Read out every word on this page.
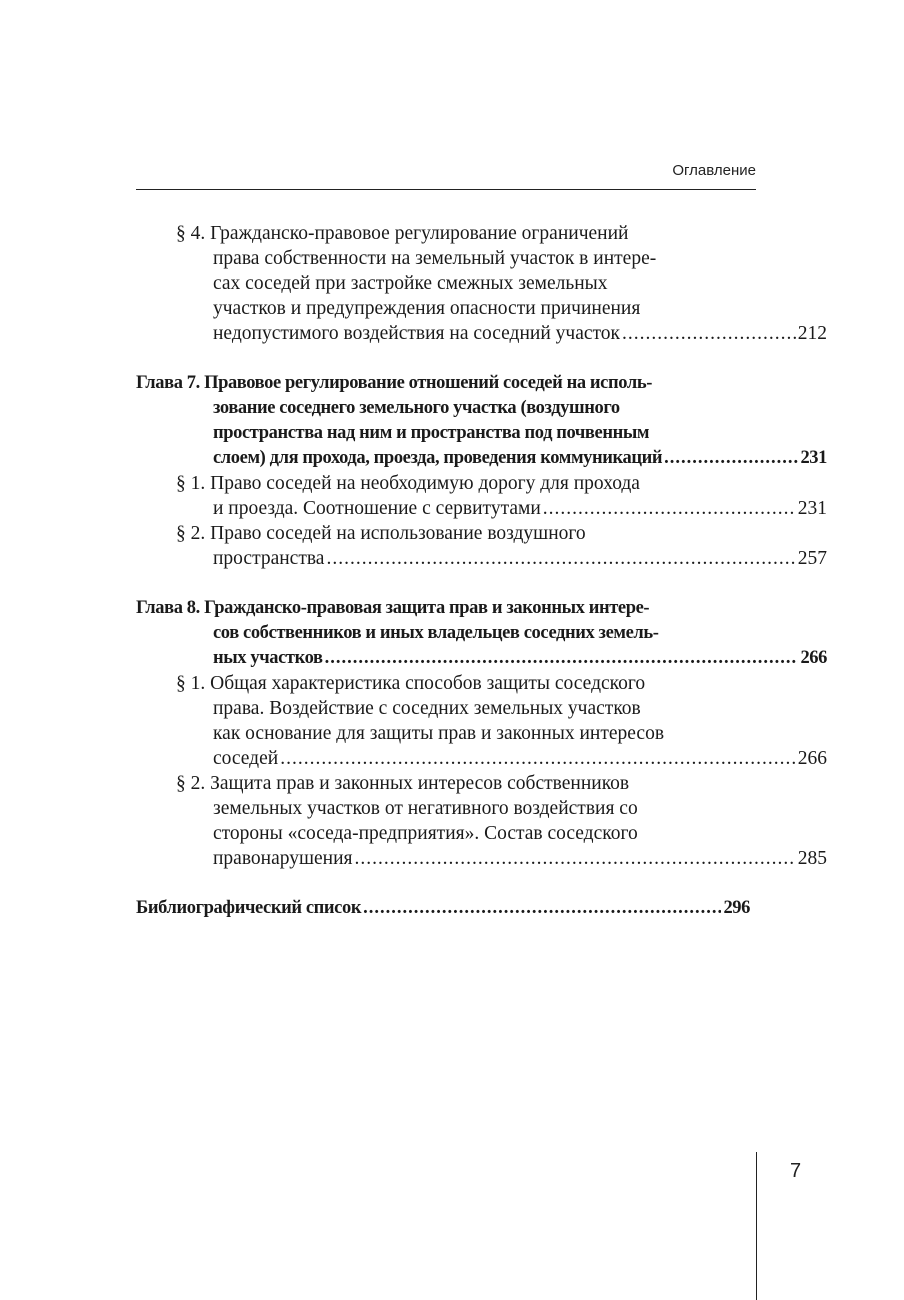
Оглавление
§ 4. Гражданско-правовое регулирование ограничений
права собственности на земельный участок в интере-
сах соседей при застройке смежных земельных
участков и предупреждения опасности причинения
недопустимого воздействия на соседний участок .....	212
Глава 7. Правовое регулирование отношений соседей на исполь-
зование соседнего земельного участка (воздушного
пространства над ним и пространства под почвенным
слоем) для прохода, проезда, проведения коммуникаций .....	231
§ 1. Право соседей на необходимую дорогу для прохода
и проезда. Соотношение с сервитутами .....	231
§ 2. Право соседей на использование воздушного
пространства .....	257
Глава 8. Гражданско-правовая защита прав и законных интере-
сов собственников и иных владельцев соседних земель-
ных участков .....	266
§ 1. Общая характеристика способов защиты соседского
права. Воздействие с соседних земельных участков
как основание для защиты прав и законных интересов
соседей .....	266
§ 2. Защита прав и законных интересов собственников
земельных участков от негативного воздействия со
стороны «соседа-предприятия». Состав соседского
правонарушения .....	285
Библиографический список .....	296
7
